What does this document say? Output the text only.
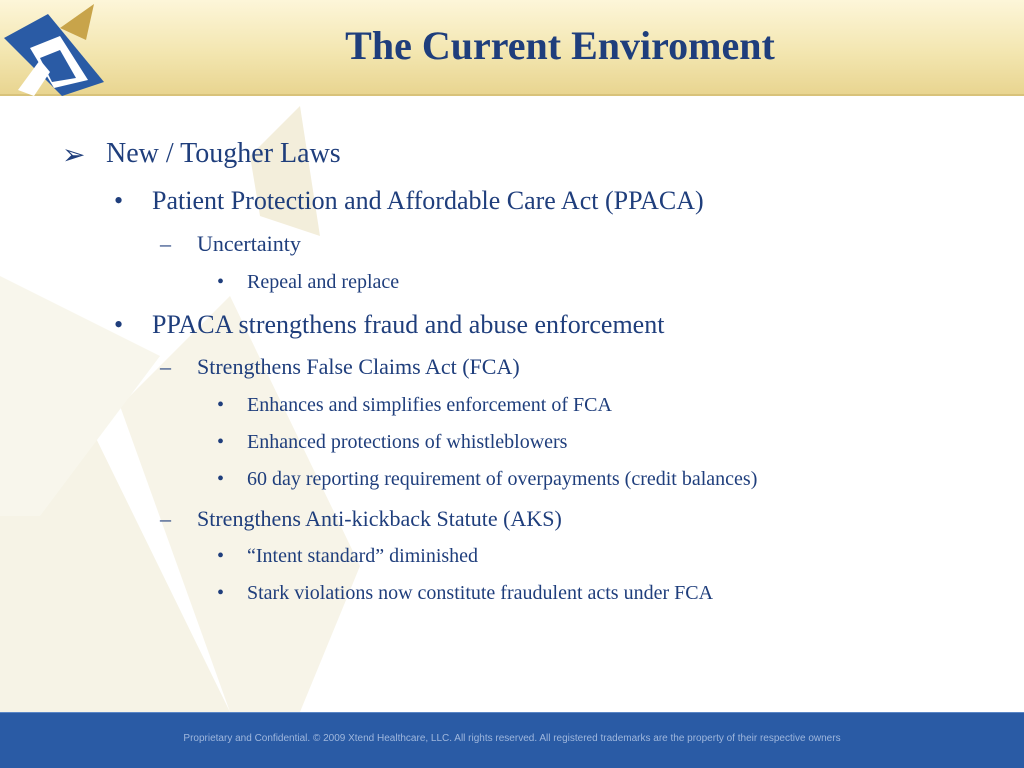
The Current Enviroment
➢ New / Tougher Laws
• Patient Protection and Affordable Care Act (PPACA)
– Uncertainty
• Repeal and replace
• PPACA strengthens fraud and abuse enforcement
– Strengthens False Claims Act (FCA)
• Enhances and simplifies enforcement of FCA
• Enhanced protections of whistleblowers
• 60 day reporting requirement of overpayments (credit balances)
– Strengthens Anti-kickback Statute (AKS)
• “Intent standard” diminished
• Stark violations now constitute fraudulent acts under FCA
Proprietary and Confidential. © 2009 Xtend Healthcare, LLC. All rights reserved. All registered trademarks are the property of their respective owners
